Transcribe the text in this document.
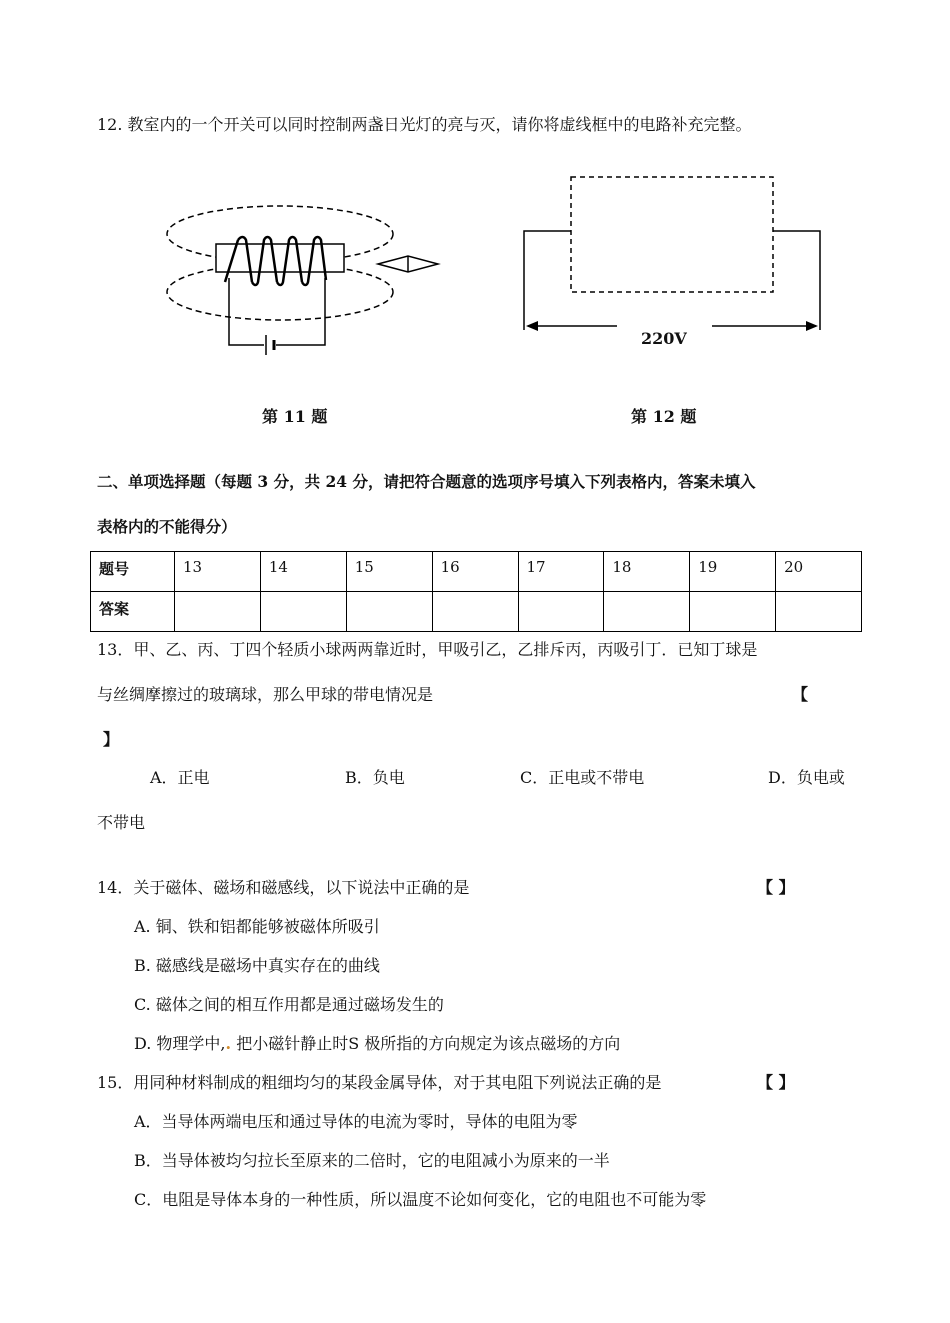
12. 教室内的一个开关可以同时控制两盏日光灯的亮与灭，请你将虚线框中的电路补充完整。
220V
第 11 题	第 12 题
二、单项选择题（每题 3 分，共 24 分，请把符合题意的选项序号填入下列表格内，答案未填入
表格内的不能得分）
题号	13	14	15	16	17	18	19	20
答案								
13．甲、乙、丙、丁四个轻质小球两两靠近时，甲吸引乙，乙排斥丙，丙吸引丁．已知丁球是
与丝绸摩擦过的玻璃球，那么甲球的带电情况是	【
】
A．正电	B．负电	C．正电或不带电	D．负电或
不带电
14．关于磁体、磁场和磁感线，以下说法中正确的是	【 】
A. 铜、铁和铝都能够被磁体所吸引
B. 磁感线是磁场中真实存在的曲线
C. 磁体之间的相互作用都是通过磁场发生的
D. 物理学中,. 把小磁针静止时S 极所指的方向规定为该点磁场的方向
15．用同种材料制成的粗细均匀的某段金属导体，对于其电阻下列说法正确的是	【 】
A．当导体两端电压和通过导体的电流为零时，导体的电阻为零
B．当导体被均匀拉长至原来的二倍时，它的电阻减小为原来的一半
C．电阻是导体本身的一种性质，所以温度不论如何变化，它的电阻也不可能为零
